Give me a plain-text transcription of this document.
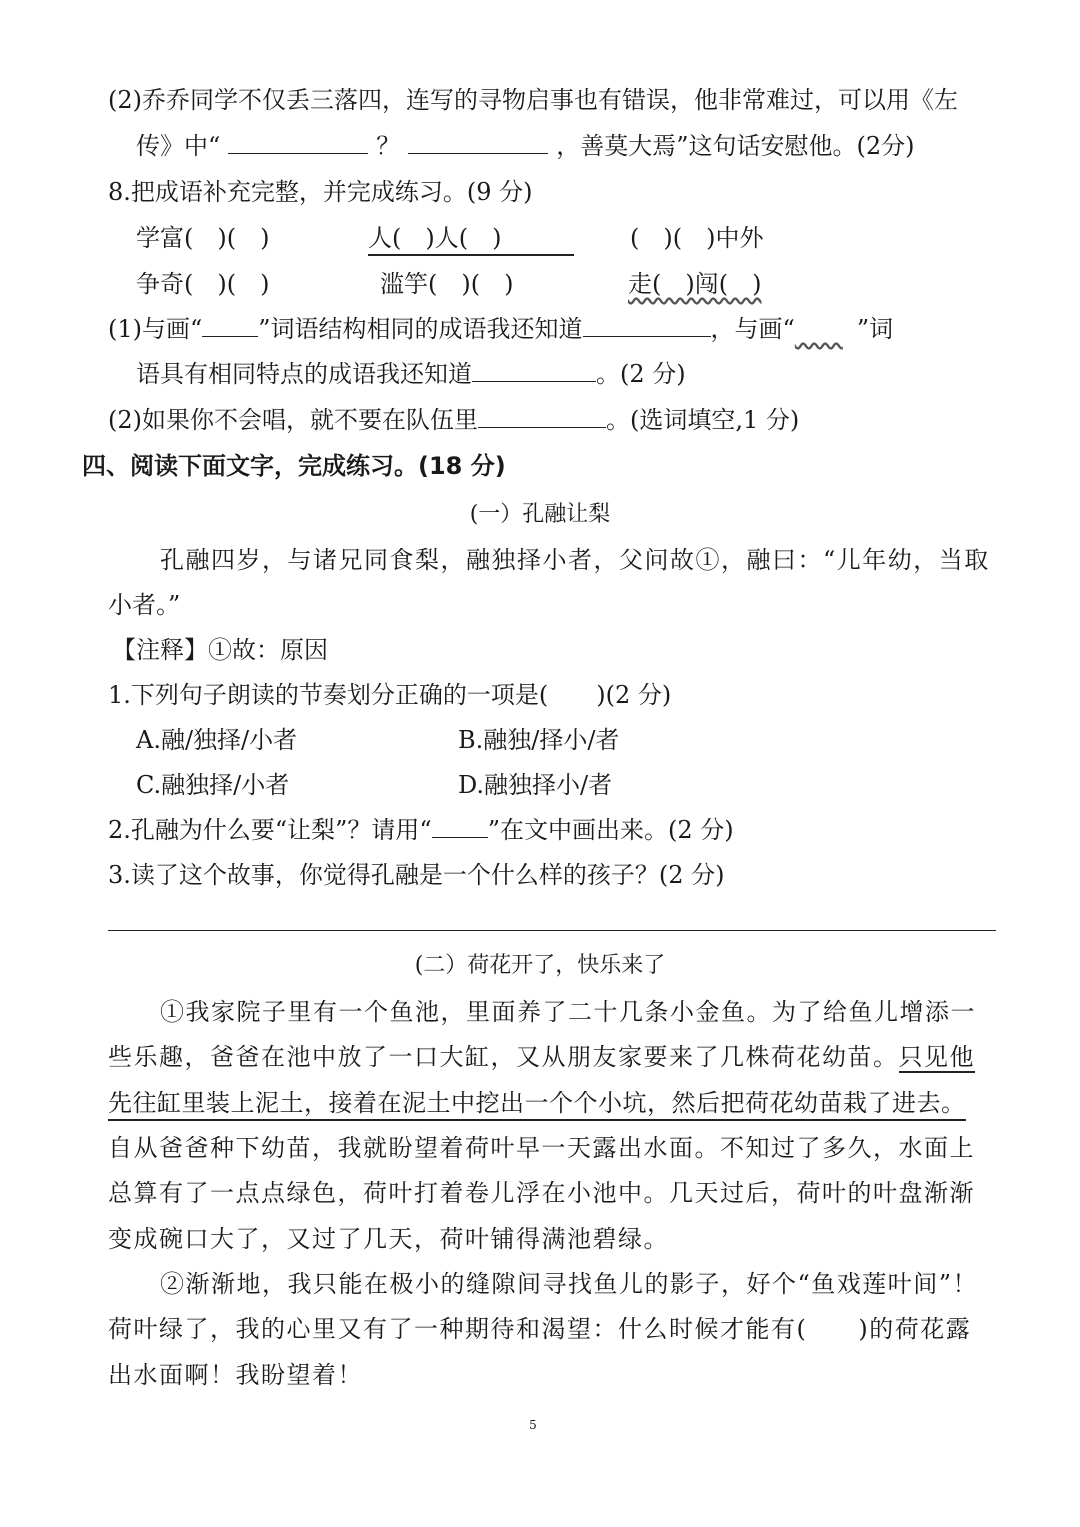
(2)乔乔同学不仅丢三落四，连写的寻物启事也有错误，他非常难过，可以用《左
传》中“	？	，善莫大焉”这句话安慰他。(2分)
8.把成语补充完整，并完成练习。(9 分)
学富(　)(　)	人(　)人(　)	(　)(　)中外
争奇(　)(　)	滥竽(　)(　)	走(　)闯(　)
(1)与画“ ”词语结构相同的成语我还知道	，与画“	”词
语具有相同特点的成语我还知道	。(2 分)
(2)如果你不会唱，就不要在队伍里	。(选词填空,1 分)
四、阅读下面文字，完成练习。(18 分)
(一）孔融让梨
孔融四岁，与诸兄同食梨，融独择小者，父问故①，融曰：“儿年幼，当取
小者。”
【注释】①故：原因
1.下列句子朗读的节奏划分正确的一项是(　　)(2 分)
A.融/独择/小者	B.融独/择小/者
C.融独择/小者	D.融独择小/者
2.孔融为什么要“让梨”？请用“ ”在文中画出来。(2 分)
3.读了这个故事，你觉得孔融是一个什么样的孩子？(2 分)
(二）荷花开了，快乐来了
①我家院子里有一个鱼池，里面养了二十几条小金鱼。为了给鱼儿增添一
些乐趣，爸爸在池中放了一口大缸，又从朋友家要来了几株荷花幼苗。只见他
先往缸里装上泥土，接着在泥土中挖出一个个小坑，然后把荷花幼苗栽了进去。
自从爸爸种下幼苗，我就盼望着荷叶早一天露出水面。不知过了多久，水面上
总算有了一点点绿色，荷叶打着卷儿浮在小池中。几天过后，荷叶的叶盘渐渐
变成碗口大了，又过了几天，荷叶铺得满池碧绿。
②渐渐地，我只能在极小的缝隙间寻找鱼儿的影子，好个“鱼戏莲叶间”！
荷叶绿了，我的心里又有了一种期待和渴望：什么时候才能有(　　)的荷花露
出水面啊！我盼望着！
5
